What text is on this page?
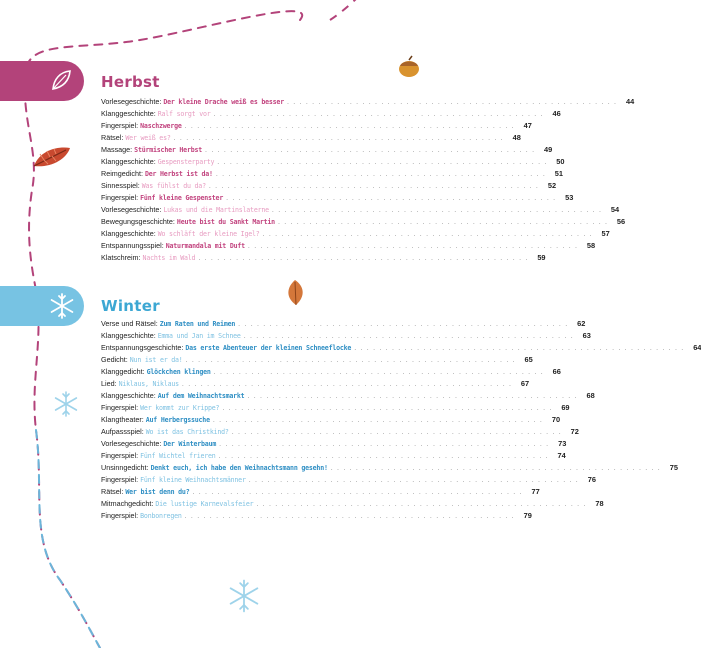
Herbst
Vorlesegeschichte: Der kleine Drache weiß es besser . . . . . . . . . . . . . . . . . . . . . . . . . . . . . . . . . . . . . . . . . . . . . . . . . . . . .	44
Klanggeschichte: Ralf sorgt vor . . . . . . . . . . . . . . . . . . . . . . . . . . . . . . . . . . . . . . . . . . . . . . . . . . . . .	46
Fingerspiel: Naschzwerge . . . . . . . . . . . . . . . . . . . . . . . . . . . . . . . . . . . . . . . . . . . . . . . . . . . . .	47
Rätsel: Wer weiß es? . . . . . . . . . . . . . . . . . . . . . . . . . . . . . . . . . . . . . . . . . . . . . . . . . . . . .	48
Massage: Stürmischer Herbst . . . . . . . . . . . . . . . . . . . . . . . . . . . . . . . . . . . . . . . . . . . . . . . . . . . . .	49
Klanggeschichte: Gespensterparty . . . . . . . . . . . . . . . . . . . . . . . . . . . . . . . . . . . . . . . . . . . . . . . . . . . . .	50
Reimgedicht: Der Herbst ist da! . . . . . . . . . . . . . . . . . . . . . . . . . . . . . . . . . . . . . . . . . . . . . . . . . . . . .	51
Sinnesspiel: Was fühlst du da? . . . . . . . . . . . . . . . . . . . . . . . . . . . . . . . . . . . . . . . . . . . . . . . . . . . . .	52
Fingerspiel: Fünf kleine Gespenster . . . . . . . . . . . . . . . . . . . . . . . . . . . . . . . . . . . . . . . . . . . . . . . . . . . . .	53
Vorlesegeschichte: Lukas und die Martinslaterne . . . . . . . . . . . . . . . . . . . . . . . . . . . . . . . . . . . . . . . . . . . . . . . . . . . . .	54
Bewegungsgeschichte: Heute bist du Sankt Martin . . . . . . . . . . . . . . . . . . . . . . . . . . . . . . . . . . . . . . . . . . . . . . . . . . . . .	56
Klanggeschichte: Wo schläft der kleine Igel? . . . . . . . . . . . . . . . . . . . . . . . . . . . . . . . . . . . . . . . . . . . . . . . . . . . . .	57
Entspannungsspiel: Naturmandala mit Duft . . . . . . . . . . . . . . . . . . . . . . . . . . . . . . . . . . . . . . . . . . . . . . . . . . . . .	58
Klatschreim: Nachts im Wald . . . . . . . . . . . . . . . . . . . . . . . . . . . . . . . . . . . . . . . . . . . . . . . . . . . . .	59
Winter
Verse und Rätsel: Zum Raten und Reimen . . . . . . . . . . . . . . . . . . . . . . . . . . . . . . . . . . . . . . . . . . . . . . . . . . . . .	62
Klanggeschichte: Emma und Jan im Schnee . . . . . . . . . . . . . . . . . . . . . . . . . . . . . . . . . . . . . . . . . . . . . . . . . . . . .	63
Entspannungsgeschichte: Das erste Abenteuer der kleinen Schneeflocke . . . . . . . . . . . . . . . . . . . . . . . . . . . . . . . . . . . . . . . . . . . . . . . . . . . . .	64
Gedicht: Nun ist er da! . . . . . . . . . . . . . . . . . . . . . . . . . . . . . . . . . . . . . . . . . . . . . . . . . . . . .	65
Klanggedicht: Glöckchen klingen . . . . . . . . . . . . . . . . . . . . . . . . . . . . . . . . . . . . . . . . . . . . . . . . . . . . .	66
Lied: Niklaus, Niklaus . . . . . . . . . . . . . . . . . . . . . . . . . . . . . . . . . . . . . . . . . . . . . . . . . . . . .	67
Klanggeschichte: Auf dem Weihnachtsmarkt . . . . . . . . . . . . . . . . . . . . . . . . . . . . . . . . . . . . . . . . . . . . . . . . . . . . .	68
Fingerspiel: Wer kommt zur Krippe? . . . . . . . . . . . . . . . . . . . . . . . . . . . . . . . . . . . . . . . . . . . . . . . . . . . . .	69
Klangtheater: Auf Herbergssuche . . . . . . . . . . . . . . . . . . . . . . . . . . . . . . . . . . . . . . . . . . . . . . . . . . . . .	70
Aufpassspiel: Wo ist das Christkind? . . . . . . . . . . . . . . . . . . . . . . . . . . . . . . . . . . . . . . . . . . . . . . . . . . . . .	72
Vorlesegeschichte: Der Winterbaum . . . . . . . . . . . . . . . . . . . . . . . . . . . . . . . . . . . . . . . . . . . . . . . . . . . . .	73
Fingerspiel: Fünf Wichtel frieren . . . . . . . . . . . . . . . . . . . . . . . . . . . . . . . . . . . . . . . . . . . . . . . . . . . . .	74
Unsinngedicht: Denkt euch, ich habe den Weihnachtsmann gesehn! . . . . . . . . . . . . . . . . . . . . . . . . . . . . . . . . . . . . . . . . . . . . . . . . . . . . .	75
Fingerspiel: Fünf kleine Weihnachtsmänner . . . . . . . . . . . . . . . . . . . . . . . . . . . . . . . . . . . . . . . . . . . . . . . . . . . . .	76
Rätsel: Wer bist denn du? . . . . . . . . . . . . . . . . . . . . . . . . . . . . . . . . . . . . . . . . . . . . . . . . . . . . .	77
Mitmachgedicht: Die lustige Karnevalsfeier . . . . . . . . . . . . . . . . . . . . . . . . . . . . . . . . . . . . . . . . . . . . . . . . . . . . .	78
Fingerspiel: Bonbonregen . . . . . . . . . . . . . . . . . . . . . . . . . . . . . . . . . . . . . . . . . . . . . . . . . . . . .	79
